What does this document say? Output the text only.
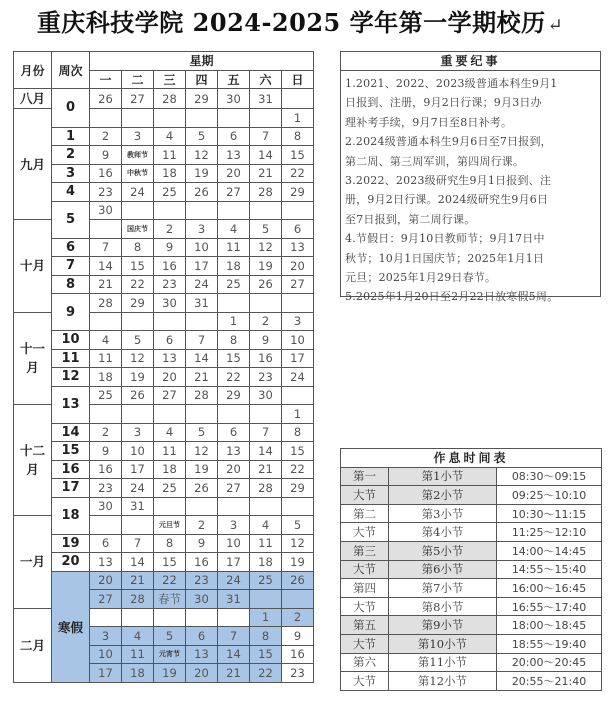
重庆科技学院 2024-2025 学年第一学期校历 ↵
月份	周次	星期						
		一	二	三	四	五	六	日
八月	0	26	27	28	29	30	31	
九月								1
	1	2	3	4	5	6	7	8
	2	9	教师节	11	12	13	14	15
	3	16	中秋节	18	19	20	21	22
	4	23	24	25	26	27	28	29
	5	30						
十月			国庆节	2	3	4	5	6
	6	7	8	9	10	11	12	13
	7	14	15	16	17	18	19	20
	8	21	22	23	24	25	26	27
	9	28	29	30	31			
十一月						1	2	3
	10	4	5	6	7	8	9	10
	11	11	12	13	14	15	16	17
	12	18	19	20	21	22	23	24
	13	25	26	27	28	29	30	
十二月								1
	14	2	3	4	5	6	7	8
	15	9	10	11	12	13	14	15
	16	16	17	18	19	20	21	22
	17	23	24	25	26	27	28	29
	18	30	31					
一月				元旦节	2	3	4	5
	19	6	7	8	9	10	11	12
	20	13	14	15	16	17	18	19
	寒假	20	21	22	23	24	25	26
		27	28	春节	30	31		
二月							1	2
		3	4	5	6	7	8	9
		10	11	元宵节	13	14	15	16
		17	18	19	20	21	22	23
重要纪事
1.2021、2022、2023级普通本科生9月1
日报到、注册，9月2日行课；9月3日办
理补考手续，9月7日至8日补考。
2.2024级普通本科生9月6日至7日报到，
第二周、第三周军训，第四周行课。
3.2022、2023级研究生9月1日报到、注
册，9月2日行课。2024级研究生9月6日
至7日报到，第二周行课。
4.节假日：9月10日教师节；9月17日中
秋节；10月1日国庆节；2025年1月1日
元旦；2025年1月29日春节。
5.2025年1月20日至2月22日放寒假5周。
作息时间表		
第一	第1小节	08:30～09:15
大节	第2小节	09:25～10:10
第二	第3小节	10:30～11:15
大节	第4小节	11:25～12:10
第三	第5小节	14:00～14:45
大节	第6小节	14:55～15:40
第四	第7小节	16:00～16:45
大节	第8小节	16:55～17:40
第五	第9小节	18:00～18:45
大节	第10小节	18:55～19:40
第六	第11小节	20:00～20:45
大节	第12小节	20:55～21:40
